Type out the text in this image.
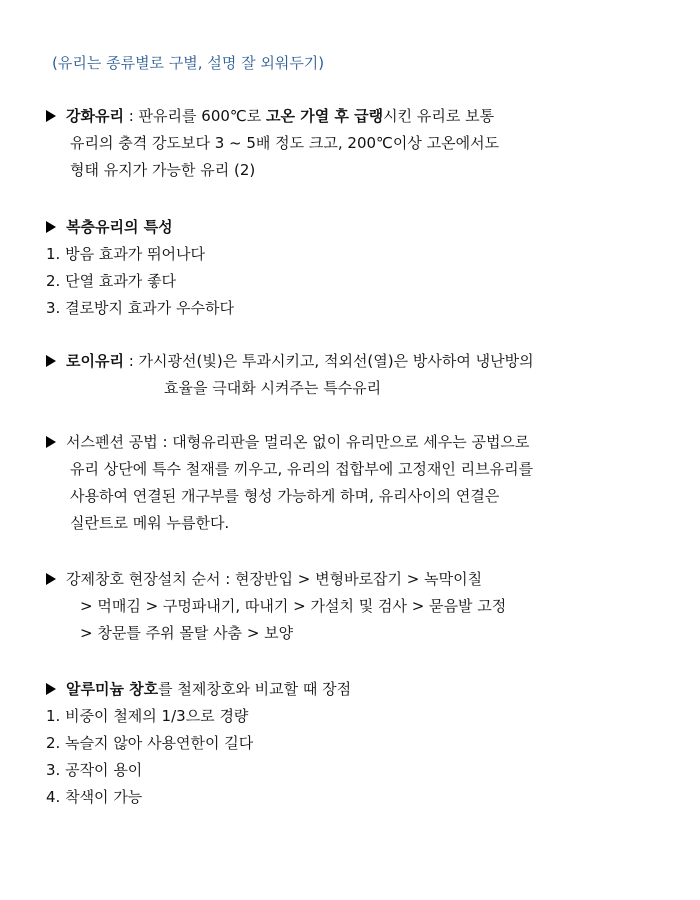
(유리는 종류별로 구별, 설명 잘 외워두기)
강화유리 : 판유리를 600℃로 고온 가열 후 급랭시킨 유리로 보통
유리의 충격 강도보다 3 ~ 5배 정도 크고, 200℃이상 고온에서도
형태 유지가 가능한 유리 (2)
복층유리의 특성
1. 방음 효과가 뛰어나다
2. 단열 효과가 좋다
3. 결로방지 효과가 우수하다
로이유리 : 가시광선(빛)은 투과시키고, 적외선(열)은 방사하여 냉난방의
효율을 극대화 시켜주는 특수유리
서스펜션 공법 : 대형유리판을 멀리온 없이 유리만으로 세우는 공법으로
유리 상단에 특수 철재를 끼우고, 유리의 접합부에 고정재인 리브유리를
사용하여 연결된 개구부를 형성 가능하게 하며, 유리사이의 연결은
실란트로 메워 누름한다.
강제창호 현장설치 순서 : 현장반입 > 변형바로잡기 > 녹막이칠
> 먹매김 > 구멍파내기, 따내기 > 가설치 및 검사 > 묻음발 고정
> 창문틀 주위 몰탈 사춤 > 보양
알루미늄 창호를 철제창호와 비교할 때 장점
1. 비중이 철제의 1/3으로 경량
2. 녹슬지 않아 사용연한이 길다
3. 공작이 용이
4. 착색이 가능
